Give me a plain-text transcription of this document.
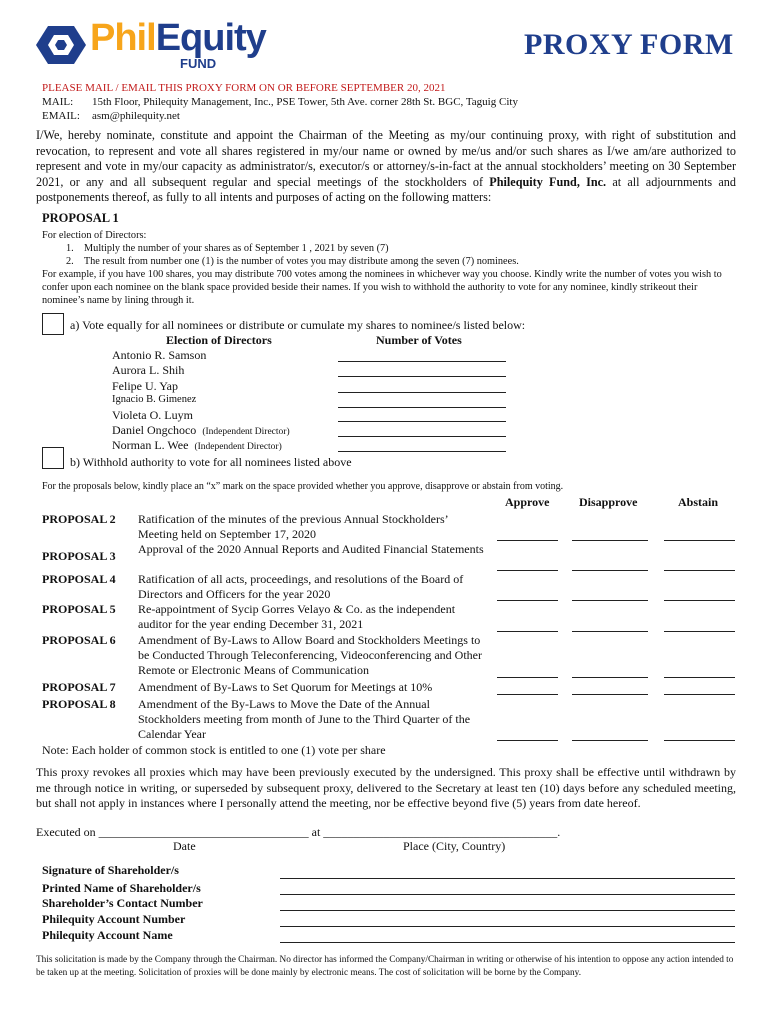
PhilEquity
FUND
PROXY FORM
PLEASE MAIL / EMAIL THIS PROXY FORM ON OR BEFORE SEPTEMBER 20, 2021
MAIL: 15th Floor, Philequity Management, Inc., PSE Tower, 5th Ave. corner 28th St. BGC, Taguig City
EMAIL: asm@philequity.net
I/We, hereby nominate, constitute and appoint the Chairman of the Meeting as my/our continuing proxy, with right of substitution and revocation, to represent and vote all shares registered in my/our name or owned by me/us and/or such shares as I/we am/are authorized to represent and vote in my/our capacity as administrator/s, executor/s or attorney/s-in-fact at the annual stockholders’ meeting on 30 September 2021, or any and all subsequent regular and special meetings of the stockholders of Philequity Fund, Inc. at all adjournments and postponements thereof, as fully to all intents and purposes of acting on the following matters:
PROPOSAL 1
For election of Directors:
1.    Multiply the number of your shares as of September 1 , 2021 by seven (7)
2.    The result from number one (1) is the number of votes you may distribute among the seven (7) nominees.
For example, if you have 100 shares, you may distribute 700 votes among the nominees in whichever way you choose. Kindly write the number of votes you wish to confer upon each nominee on the blank space provided beside their names. If you wish to withhold the authority to vote for any nominee, kindly strikeout their nominee’s name by lining through it.
a) Vote equally for all nominees or distribute or cumulate my shares to nominee/s listed below:
Election of Directors	Number of Votes
Antonio R. Samson
Aurora L. Shih
Felipe U. Yap
Ignacio B. Gimenez
Violeta O. Luym
Daniel Ongchoco (Independent Director)
Norman L. Wee (Independent Director)
b) Withhold authority to vote for all nominees listed above
For the proposals below, kindly place an “x” mark on the space provided whether you approve, disapprove or abstain from voting.
Approve Disapprove	Abstain
PROPOSAL 2 Ratification of the minutes of the previous Annual Stockholders’ Meeting held on September 17, 2020
PROPOSAL 3 Approval of the 2020 Annual Reports and Audited Financial Statements
PROPOSAL 4 Ratification of all acts, proceedings, and resolutions of the Board of Directors and Officers for the year 2020
PROPOSAL 5 Re-appointment of Sycip Gorres Velayo & Co. as the independent auditor for the year ending December 31, 2021
PROPOSAL 6 Amendment of By-Laws to Allow Board and Stockholders Meetings to be Conducted Through Teleconferencing, Videoconferencing and Other Remote or Electronic Means of Communication
PROPOSAL 7 Amendment of By-Laws to Set Quorum for Meetings at 10%
PROPOSAL 8 Amendment of the By-Laws to Move the Date of the Annual Stockholders meeting from month of June to the Third Quarter of the Calendar Year
Note: Each holder of common stock is entitled to one (1) vote per share
This proxy revokes all proxies which may have been previously executed by the undersigned. This proxy shall be effective until withdrawn by me through notice in writing, or superseded by subsequent proxy, delivered to the Secretary at least ten (10) days before any scheduled meeting, but shall not apply in instances where I personally attend the meeting, nor be effective beyond five (5) years from date hereof.
Executed on ___________________________________ at _______________________________________.
Date	Place (City, Country)
Signature of Shareholder/s
Printed Name of Shareholder/s
Shareholder’s Contact Number
Philequity Account Number
Philequity Account Name
This solicitation is made by the Company through the Chairman. No director has informed the Company/Chairman in writing or otherwise of his intention to oppose any action intended to be taken up at the meeting. Solicitation of proxies will be done mainly by electronic means. The cost of solicitation will be borne by the Company.
